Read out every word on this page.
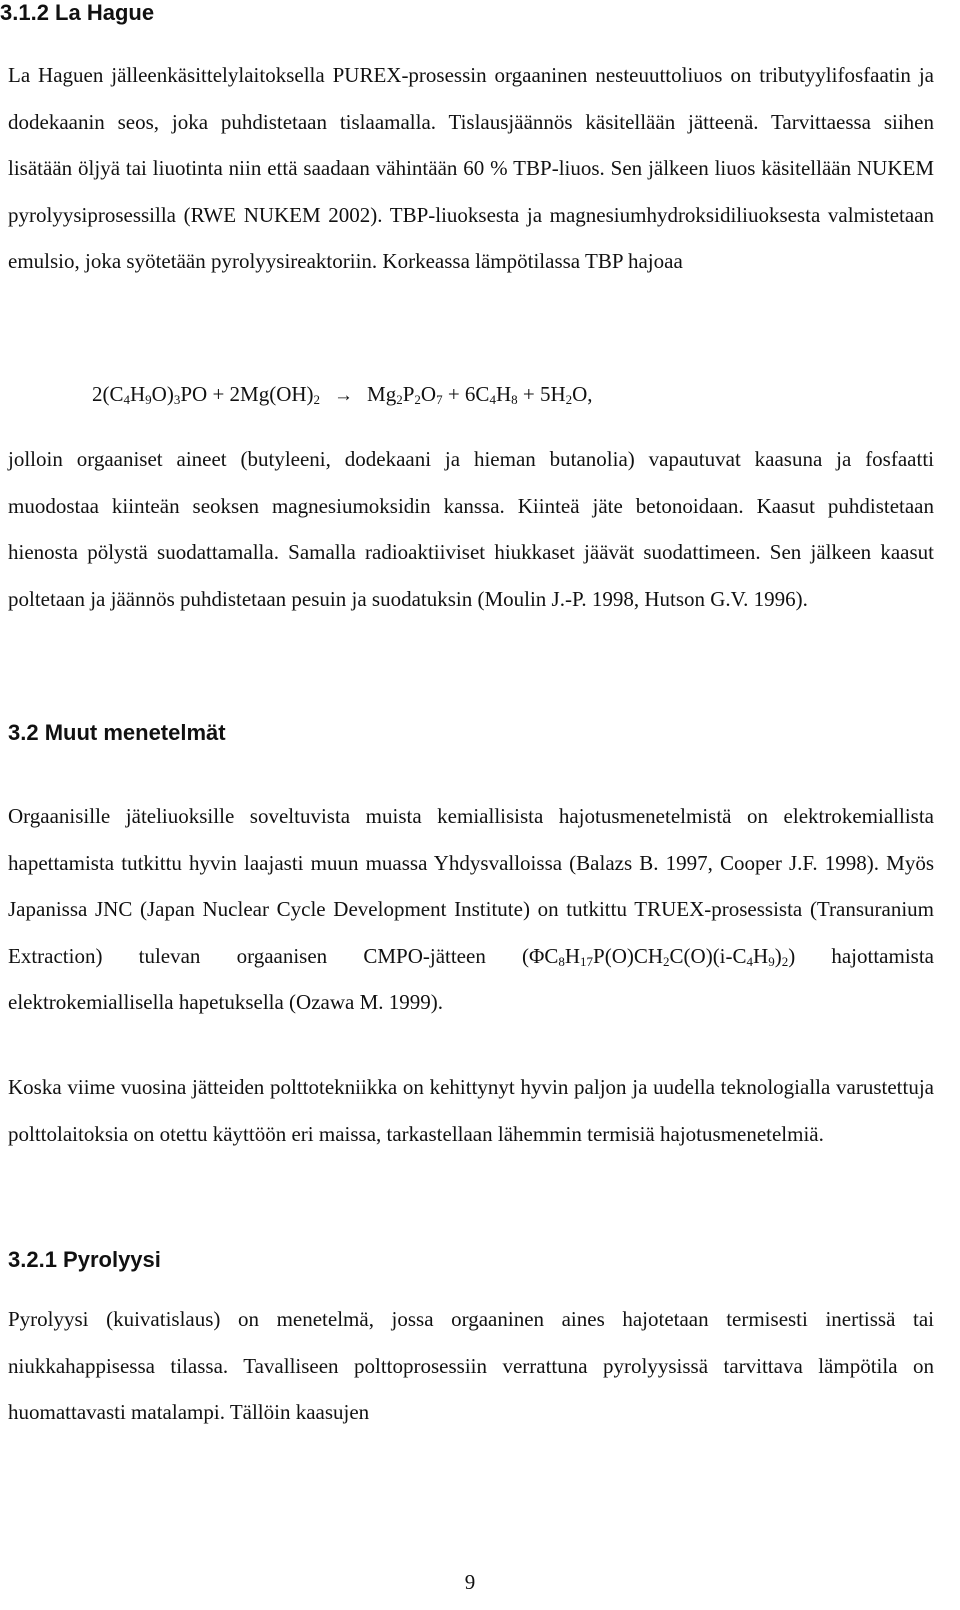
3.1.2 La Hague

La Haguen jälleenkäsittelylaitoksella PUREX-prosessin orgaaninen nesteuuttoliuos on tributyylifosfaatin ja dodekaanin seos, joka puhdistetaan tislaamalla. Tislausjäännös käsitellään jätteenä. Tarvittaessa siihen lisätään öljyä tai liuotinta niin että saadaan vähintään 60 % TBP-liuos. Sen jälkeen liuos käsitellään NUKEM pyrolyysiprosessilla (RWE NUKEM 2002). TBP-liuoksesta ja magnesiumhydroksidiliuoksesta valmistetaan emulsio, joka syötetään pyrolyysireaktoriin. Korkeassa lämpötilassa TBP hajoaa

$2(C_4H_9O)_3PO + 2Mg(OH)_2 \to Mg_2P_2O_7 + 6C_4H_8 + 5H_2O$,

jolloin orgaaniset aineet (butyleeni, dodekaani ja hieman butanolia) vapautuvat kaasuna ja fosfaatti muodostaa kiinteän seoksen magnesiumoksidin kanssa. Kiinteä jäte betonoidaan. Kaasut puhdistetaan hienosta pölystä suodattamalla. Samalla radioaktiiviset hiukkaset jäävät suodattimeen. Sen jälkeen kaasut poltetaan ja jäännös puhdistetaan pesuin ja suodatuksin (Moulin J.-P. 1998, Hutson G.V. 1996).

3.2 Muut menetelmät

Orgaanisille jäteliuoksille soveltuvista muista kemiallisista hajotusmenetelmistä on elektrokemiallista hapettamista tutkittu hyvin laajasti muun muassa Yhdysvalloissa (Balazs B. 1997, Cooper J.F. 1998). Myös Japanissa JNC (Japan Nuclear Cycle Development Institute) on tutkittu TRUEX-prosessista (Transuranium Extraction) tulevan orgaanisen CMPO-jätteen $(\Phi C_8H_{17}P(O)CH_2C(O)(i-C_4H_9)_2)$ hajottamista elektrokemiallisella hapetuksella (Ozawa M. 1999).

Koska viime vuosina jätteiden polttotekniikka on kehittynyt hyvin paljon ja uudella teknologialla varustettuja polttolaitoksia on otettu käyttöön eri maissa, tarkastellaan lähemmin termisiä hajotusmenetelmiä.

3.2.1 Pyrolyysi

Pyrolyysi (kuivatislaus) on menetelmä, jossa orgaaninen aines hajotetaan termisesti inertissä tai niukkahappisessa tilassa. Tavalliseen polttoprosessiin verrattuna pyrolyysissä tarvittava lämpötila on huomattavasti matalampi. Tällöin kaasujen

9
